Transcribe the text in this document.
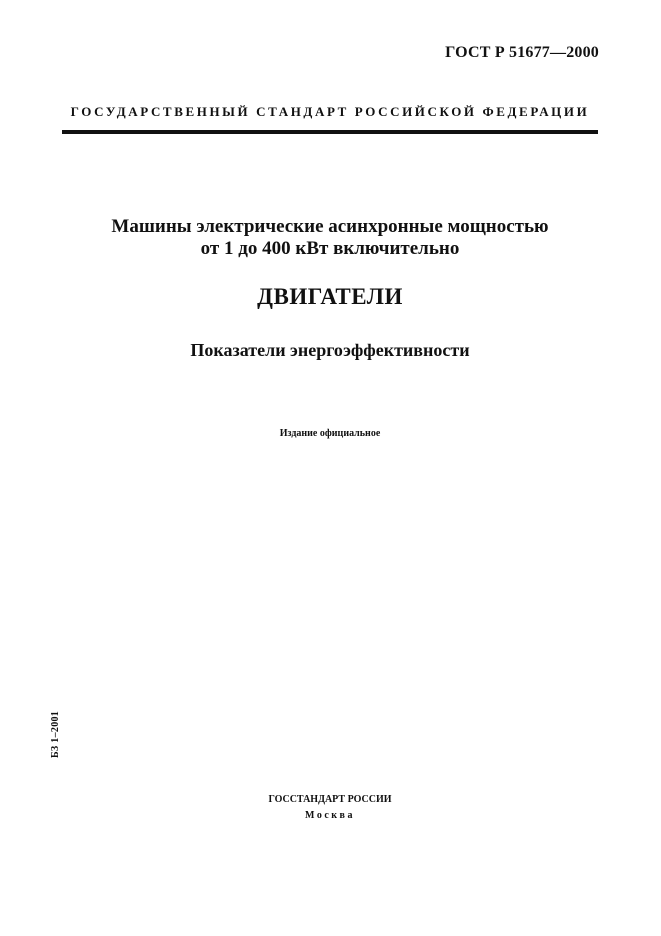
ГОСТ Р 51677—2000
ГОСУДАРСТВЕННЫЙ СТАНДАРТ РОССИЙСКОЙ ФЕДЕРАЦИИ
Машины электрические асинхронные мощностью
от 1 до 400 кВт включительно
ДВИГАТЕЛИ
Показатели энергоэффективности
Издание официальное
БЗ 1–2001
ГОССТАНДАРТ РОССИИ
Москва
